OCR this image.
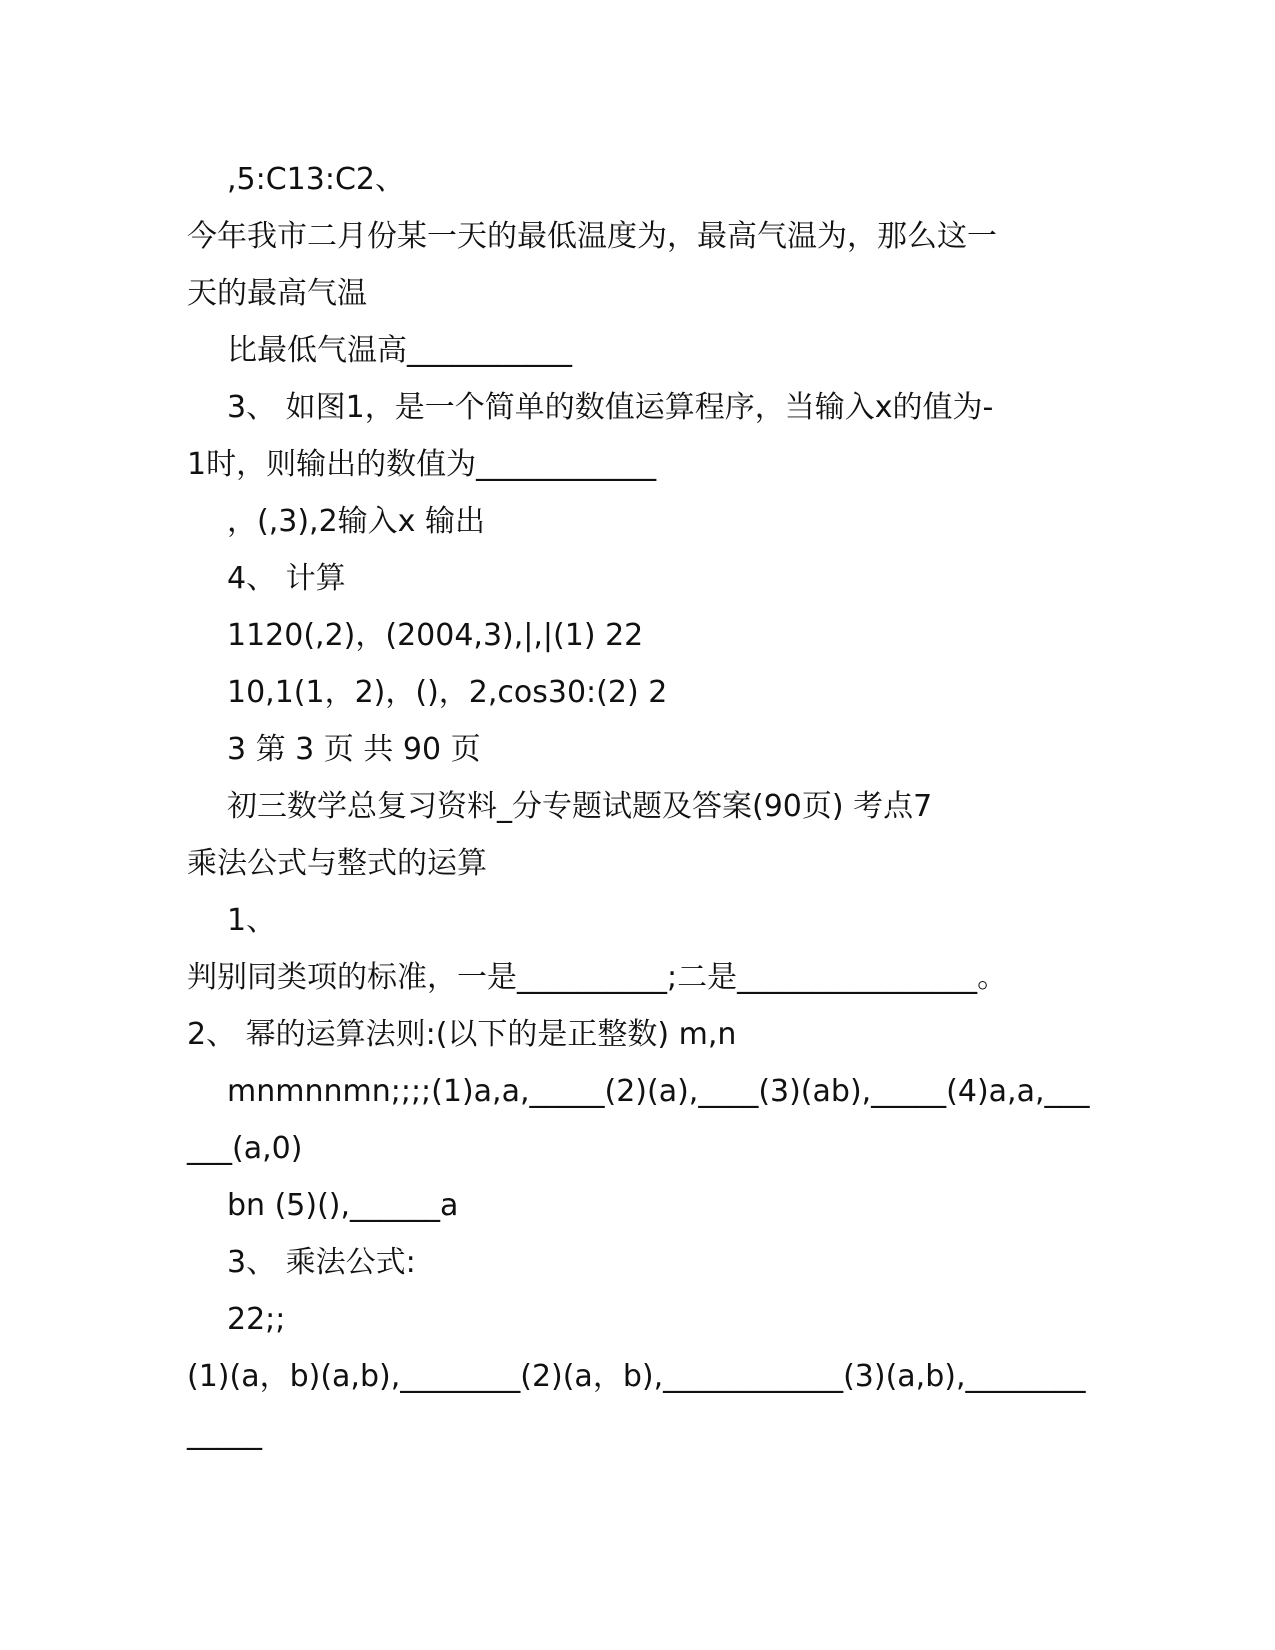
,5:C13:C2、
今年我市二月份某一天的最低温度为，最高气温为，那么这一
天的最高气温
比最低气温高___________
3、 如图1，是一个简单的数值运算程序，当输入x的值为-
1时，则输出的数值为____________
，(,3),2输入x 输出
4、 计算
1120(,2)，(2004,3),|,|(1) 22
10,1(1，2)，()，2,cos30:(2) 2
3 第 3 页 共 90 页
初三数学总复习资料_分专题试题及答案(90页) 考点7
乘法公式与整式的运算
1、
判别同类项的标准，一是__________;二是________________。
2、 幂的运算法则:(以下的是正整数) m,n
mnmnnmn;;;;(1)a,a,_____(2)(a),____(3)(ab),_____(4)a,a,___
___(a,0)
bn (5)(),______a
3、 乘法公式:
22;;
(1)(a，b)(a,b),________(2)(a，b),____________(3)(a,b),________
_____
